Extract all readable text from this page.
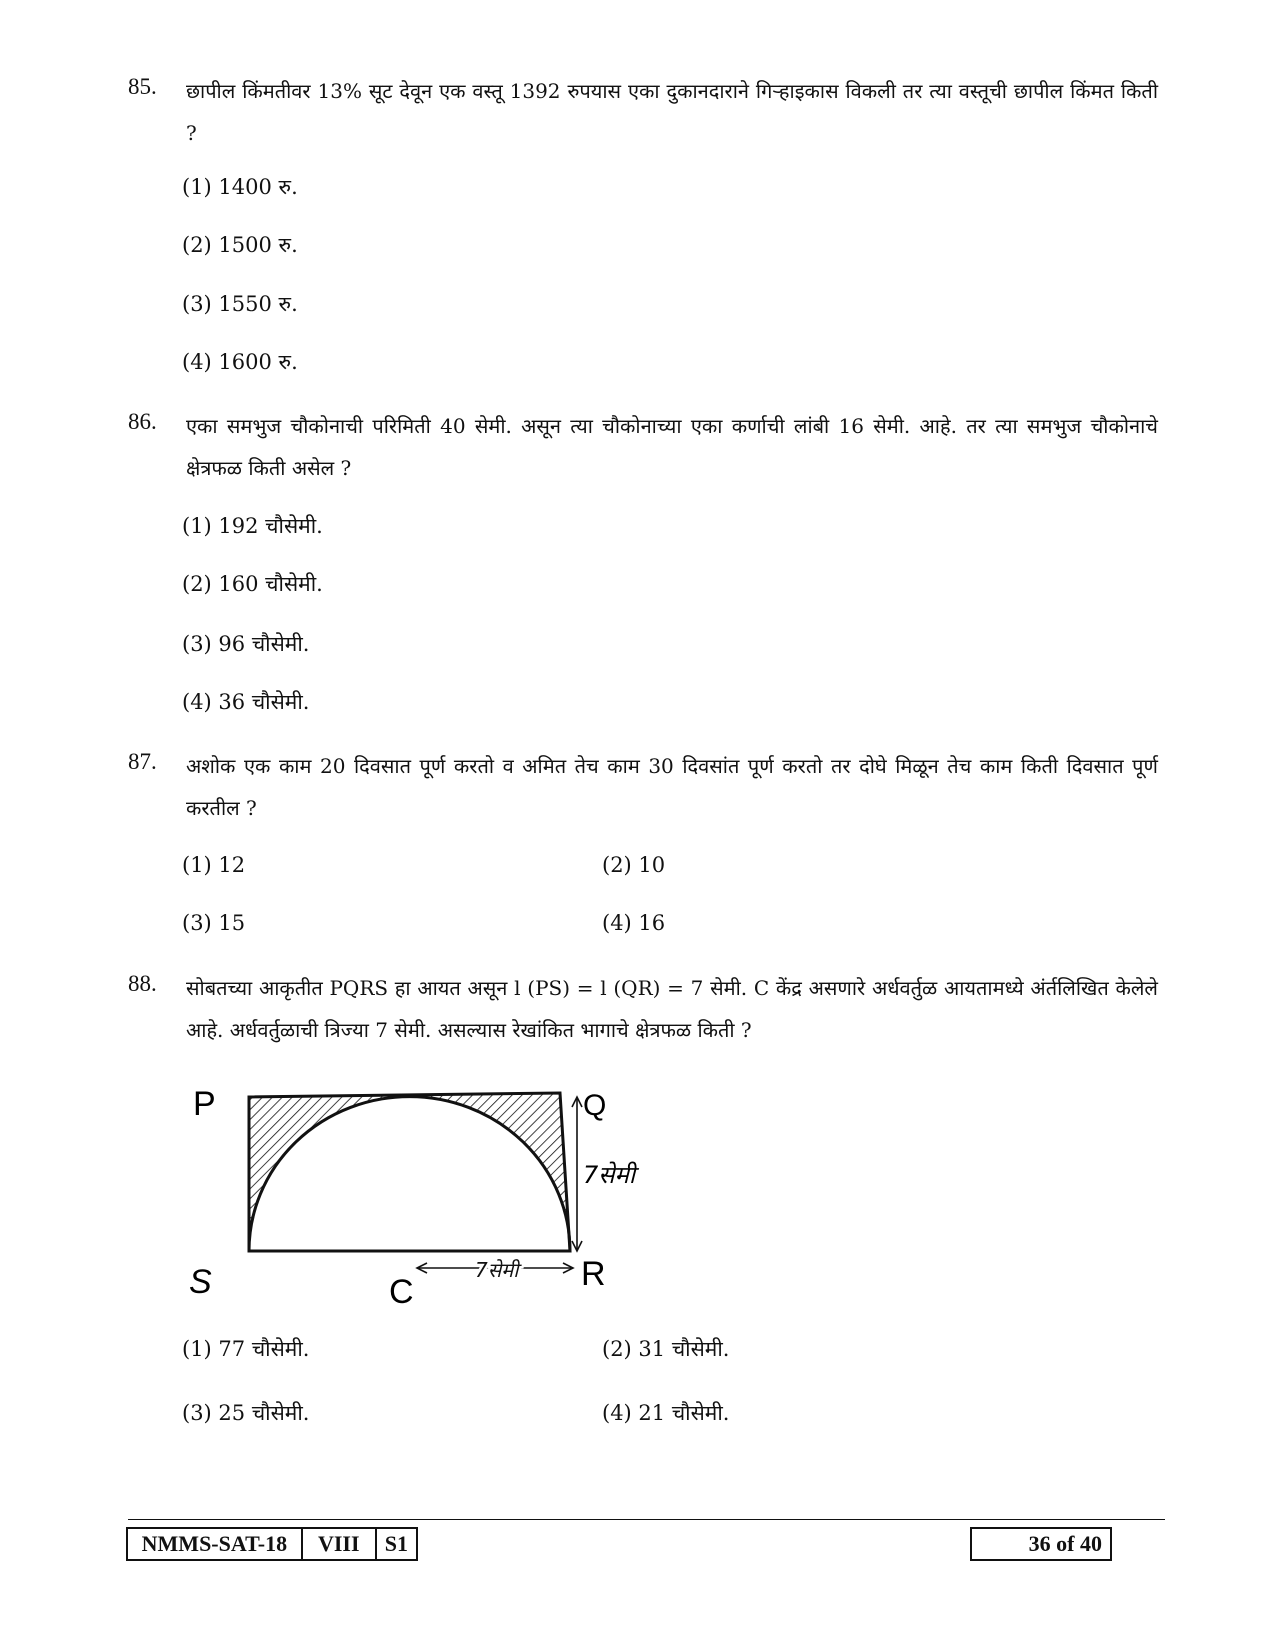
85. छापील किंमतीवर 13% सूट देवून एक वस्तू 1392 रुपयास एका दुकानदाराने गिऱ्हाइकास विकली तर त्या वस्तूची छापील किंमत किती ?
(1) 1400 रु.
(2) 1500 रु.
(3) 1550 रु.
(4) 1600 रु.
86. एका समभुज चौकोनाची परिमिती 40 सेमी. असून त्या चौकोनाच्या एका कर्णाची लांबी 16 सेमी. आहे. तर त्या समभुज चौकोनाचे क्षेत्रफळ किती असेल ?
(1) 192 चौसेमी.
(2) 160 चौसेमी.
(3) 96 चौसेमी.
(4) 36 चौसेमी.
87. अशोक एक काम 20 दिवसात पूर्ण करतो व अमित तेच काम 30 दिवसांत पूर्ण करतो तर दोघे मिळून तेच काम किती दिवसात पूर्ण करतील ?
(1) 12	(2) 10
(3) 15	(4) 16
88. सोबतच्या आकृतीत PQRS हा आयत असून l (PS) = l (QR) = 7 सेमी. C केंद्र असणारे अर्धवर्तुळ आयतामध्ये अंर्तलिखित केलेले आहे. अर्धवर्तुळाची त्रिज्या 7 सेमी. असल्यास रेखांकित भागाचे क्षेत्रफळ किती ?
P	Q
7सेमी
R
S	C
7सेमी
(1) 77 चौसेमी.	(2) 31 चौसेमी.
(3) 25 चौसेमी.	(4) 21 चौसेमी.
NMMS-SAT-18	VIII	S1	36 of 40
